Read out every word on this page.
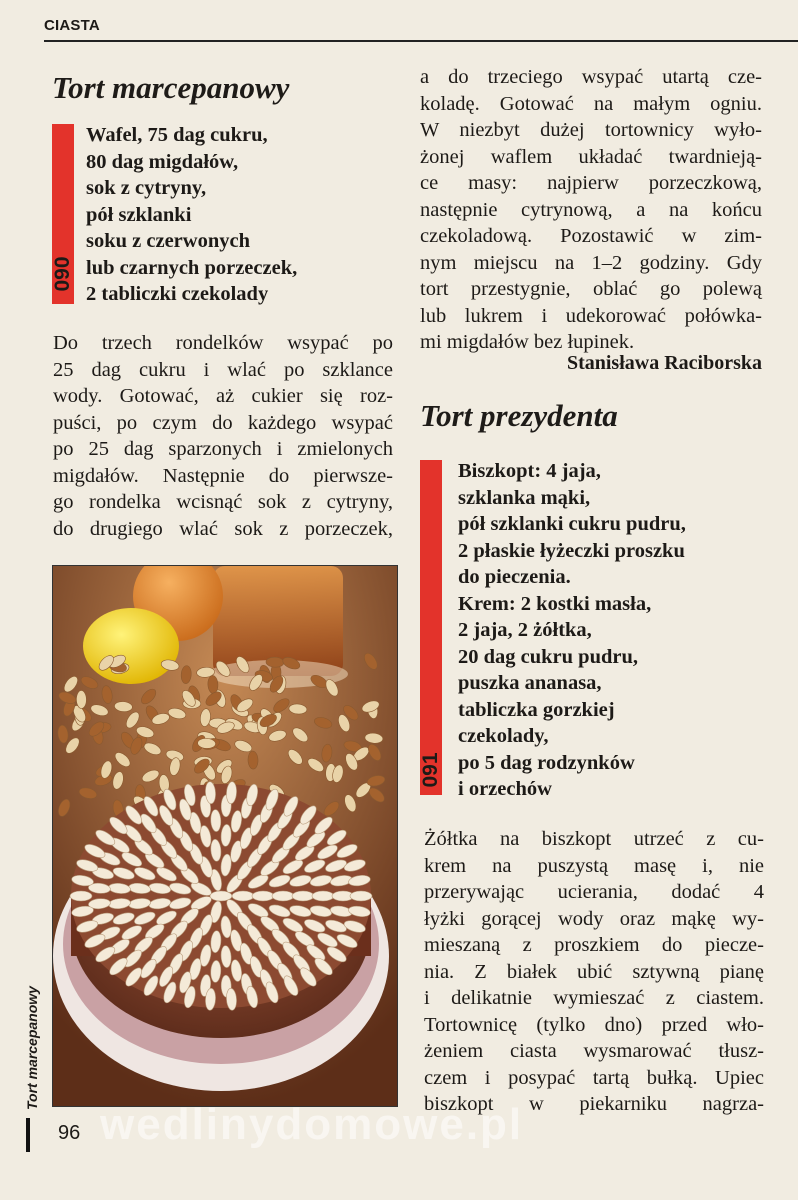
CIASTA
Tort marcepanowy
090
Wafel, 75 dag cukru,
80 dag migdałów,
sok z cytryny,
pół szklanki
soku z czerwonych
lub czarnych porzeczek,
2 tabliczki czekolady
Do trzech rondelków wsypać po
25 dag cukru i wlać po szklance
wody. Gotować, aż cukier się roz-
puści, po czym do każdego wsypać
po 25 dag sparzonych i zmielonych
migdałów. Następnie do pierwsze-
go rondelka wcisnąć sok z cytryny,
do drugiego wlać sok z porzeczek,
Tort marcepanowy
a do trzeciego wsypać utartą cze-
koladę. Gotować na małym ogniu.
W niezbyt dużej tortownicy wyło-
żonej waflem układać twardnieją-
ce masy: najpierw porzeczkową,
następnie cytrynową, a na końcu
czekoladową. Pozostawić w zim-
nym miejscu na 1–2 godziny. Gdy
tort przestygnie, oblać go polewą
lub lukrem i udekorować połówka-
mi migdałów bez łupinek.
Stanisława Raciborska
Tort prezydenta
091
Biszkopt: 4 jaja,
szklanka mąki,
pół szklanki cukru pudru,
2 płaskie łyżeczki proszku
do pieczenia.
Krem: 2 kostki masła,
2 jaja, 2 żółtka,
20 dag cukru pudru,
puszka ananasa,
tabliczka gorzkiej
czekolady,
po 5 dag rodzynków
i orzechów
Żółtka na biszkopt utrzeć z cu-
krem na puszystą masę i, nie
przerywając ucierania, dodać 4
łyżki gorącej wody oraz mąkę wy-
mieszaną z proszkiem do piecze-
nia. Z białek ubić sztywną pianę
i delikatnie wymieszać z ciastem.
Tortownicę (tylko dno) przed wło-
żeniem ciasta wysmarować tłusz-
czem i posypać tartą bułką. Upiec
biszkopt w piekarniku nagrza-
96 wedlinydomowe.pl
